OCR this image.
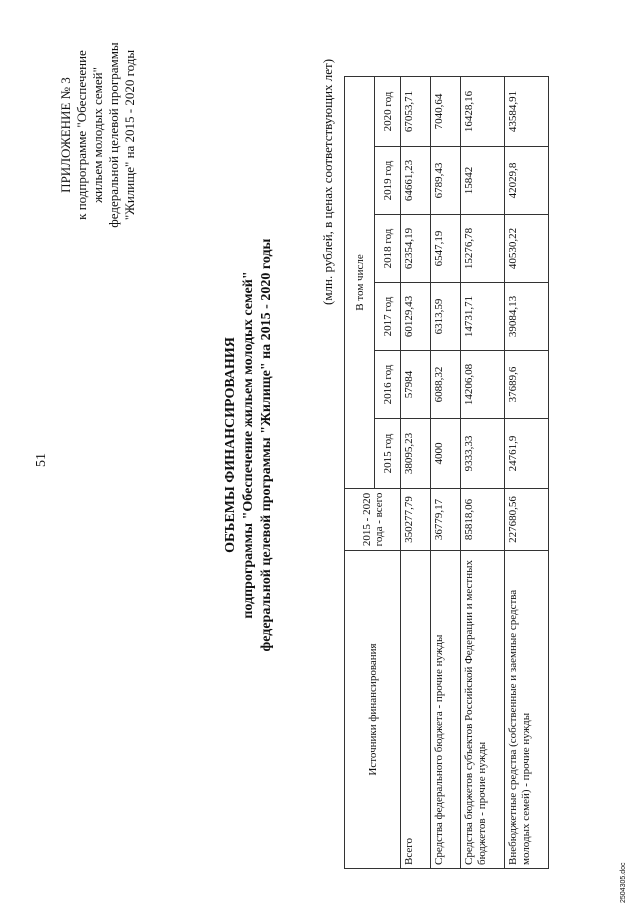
51
ПРИЛОЖЕНИЕ № 3 к подпрограмме "Обеспечение жильем молодых семей" федеральной целевой программы "Жилище" на 2015 - 2020 годы
ОБЪЕМЫ ФИНАНСИРОВАНИЯ подпрограммы "Обеспечение жильем молодых семей" федеральной целевой программы "Жилище" на 2015 - 2020 годы
(млн. рублей, в ценах соответствующих лет)
Источники финансирования	2015 - 2020 года - всего	В том числе					
		2015 год	2016 год	2017 год	2018 год	2019 год	2020 год
Всего	350277,79	38095,23	57984	60129,43	62354,19	64661,23	67053,71
Средства федерального бюджета - прочие нужды	36779,17	4000	6088,32	6313,59	6547,19	6789,43	7040,64
Средства бюджетов субъектов Российской Федерации и местных бюджетов - прочие нужды	85818,06	9333,33	14206,08	14731,71	15276,78	15842	16428,16
Внебюджетные средства (собственные и заемные средства молодых семей) - прочие нужды	227680,56	24761,9	37689,6	39084,13	40530,22	42029,8	43584,91
2504305.doc
